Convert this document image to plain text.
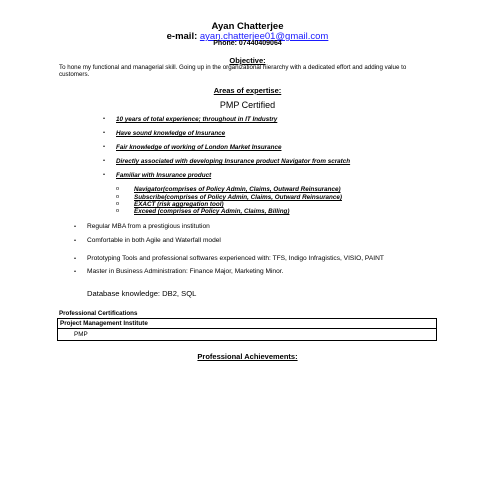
Ayan Chatterjee
e-mail: ayan.chatterjee01@gmail.com
Phone: 07440409064
Objective:
To hone my functional and managerial skill. Going up in the organizational hierarchy with a dedicated effort and adding value to customers.
Areas of expertise:
PMP Certified
• 10 years of total experience; throughout in IT Industry
• Have sound knowledge of Insurance
• Fair knowledge of working of London Market Insurance
• Directly associated with developing Insurance product Navigator from scratch
• Familiar with Insurance product
o Navigator(comprises of Policy Admin, Claims, Outward Reinsurance)
o Subscribe(comprises of Policy Admin, Claims, Outward Reinsurance)
o EXACT (risk aggregation tool)
o Exceed (comprises of Policy Admin, Claims, Billing)
• Regular MBA from a prestigious institution
• Comfortable in both Agile and Waterfall model
• Prototyping Tools and professional softwares experienced with: TFS, Indigo Infragistics, VISIO, PAINT
• Master in Business Administration: Finance Major, Marketing Minor.
Database knowledge: DB2, SQL
Professional Certifications
Project Management Institute
PMP
Professional Achievements:
